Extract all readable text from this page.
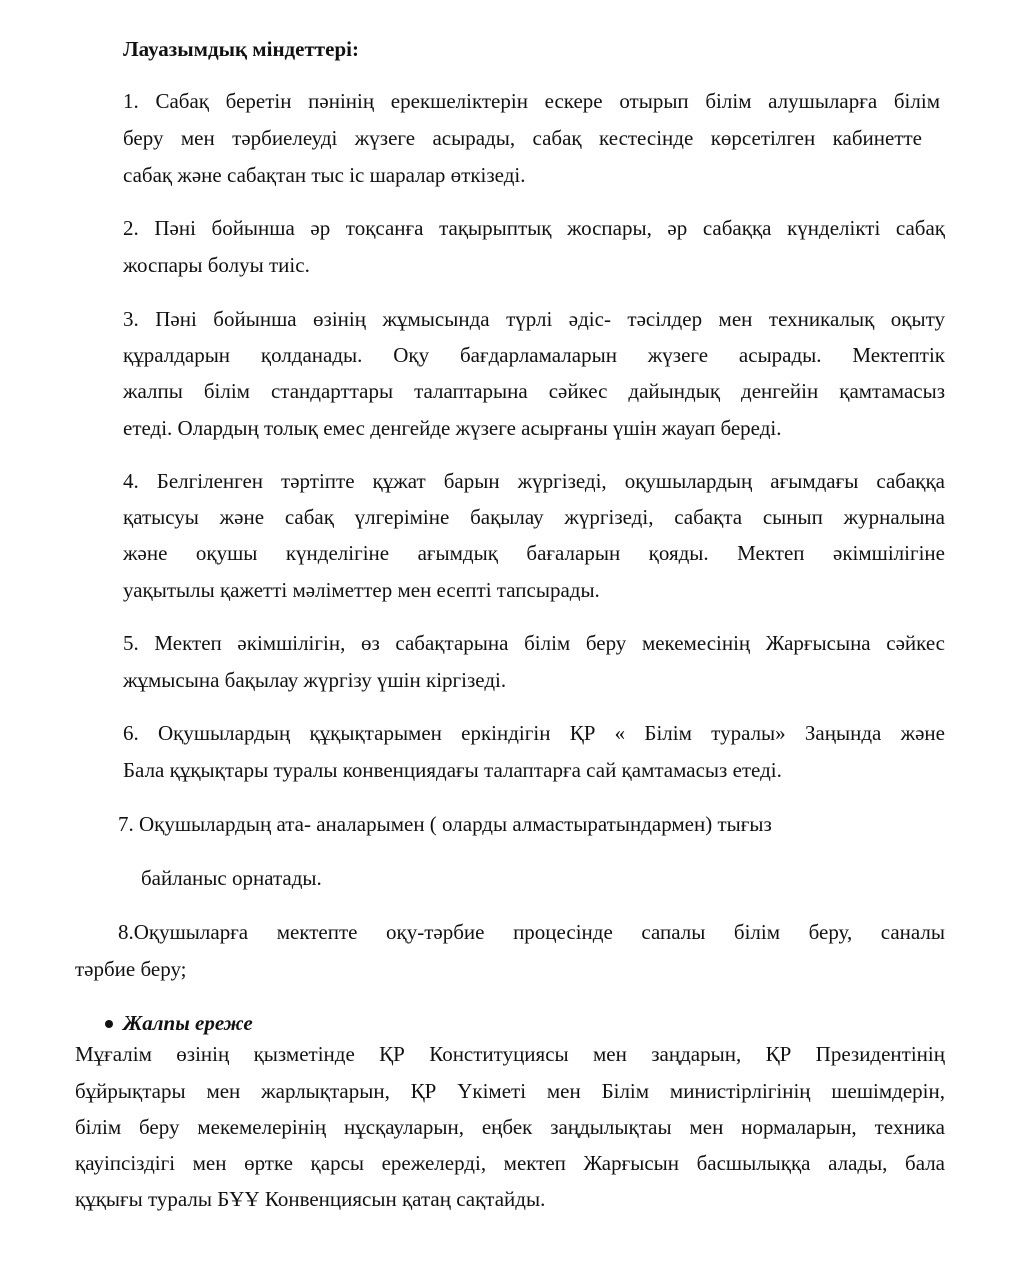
Лауазымдық міндеттері:
1. Сабақ беретін пәнінің ерекшеліктерін ескере отырып білім алушыларға білім
беру мен тәрбиелеуді жүзеге асырады, сабақ кестесінде көрсетілген кабинетте
сабақ және сабақтан тыс іс шаралар өткізеді.
2. Пәні бойынша әр тоқсанға тақырыптық жоспары, әр сабаққа күнделікті сабақ
жоспары болуы тиіс.
3. Пәні бойынша өзінің жұмысында түрлі әдіс- тәсілдер мен техникалық оқыту
құралдарын қолданады. Оқу бағдарламаларын жүзеге асырады. Мектептік
жалпы білім стандарттары талаптарына сәйкес дайындық денгейін қамтамасыз
етеді. Олардың толық емес денгейде жүзеге асырғаны үшін жауап береді.
4. Белгіленген тәртіпте құжат барын жүргізеді, оқушылардың ағымдағы сабаққа
қатысуы және сабақ үлгеріміне бақылау жүргізеді, сабақта сынып журналына
және оқушы күнделігіне ағымдық бағаларын қояды. Мектеп әкімшілігіне
уақытылы қажетті мәліметтер мен есепті тапсырады.
5. Мектеп әкімшілігін, өз сабақтарына білім беру мекемесінің Жарғысына сәйкес
жұмысына бақылау жүргізу үшін кіргізеді.
6. Оқушылардың құқықтарымен еркіндігін ҚР « Білім туралы» Заңында және
Бала құқықтары туралы конвенциядағы талаптарға сай қамтамасыз етеді.
7. Оқушылардың ата- аналарымен ( оларды алмастыратындармен) тығыз
байланыс орнатады.
8.Оқушыларға мектепте оқу-тәрбие процесінде сапалы білім беру, саналы
тәрбие беру;
Жалпы ереже
Мұғалім өзінің қызметінде ҚР Конституциясы мен заңдарын, ҚР Президентінің
бұйрықтары мен жарлықтарын, ҚР Үкіметі мен Білім министірлігінің шешімдерін,
білім беру мекемелерінің нұсқауларын, еңбек заңдылықтаы мен нормаларын, техника
қауіпсіздігі мен өртке қарсы ережелерді, мектеп Жарғысын басшылыққа алады, бала
құқығы туралы БҰҰ Конвенциясын қатаң сақтайды.
